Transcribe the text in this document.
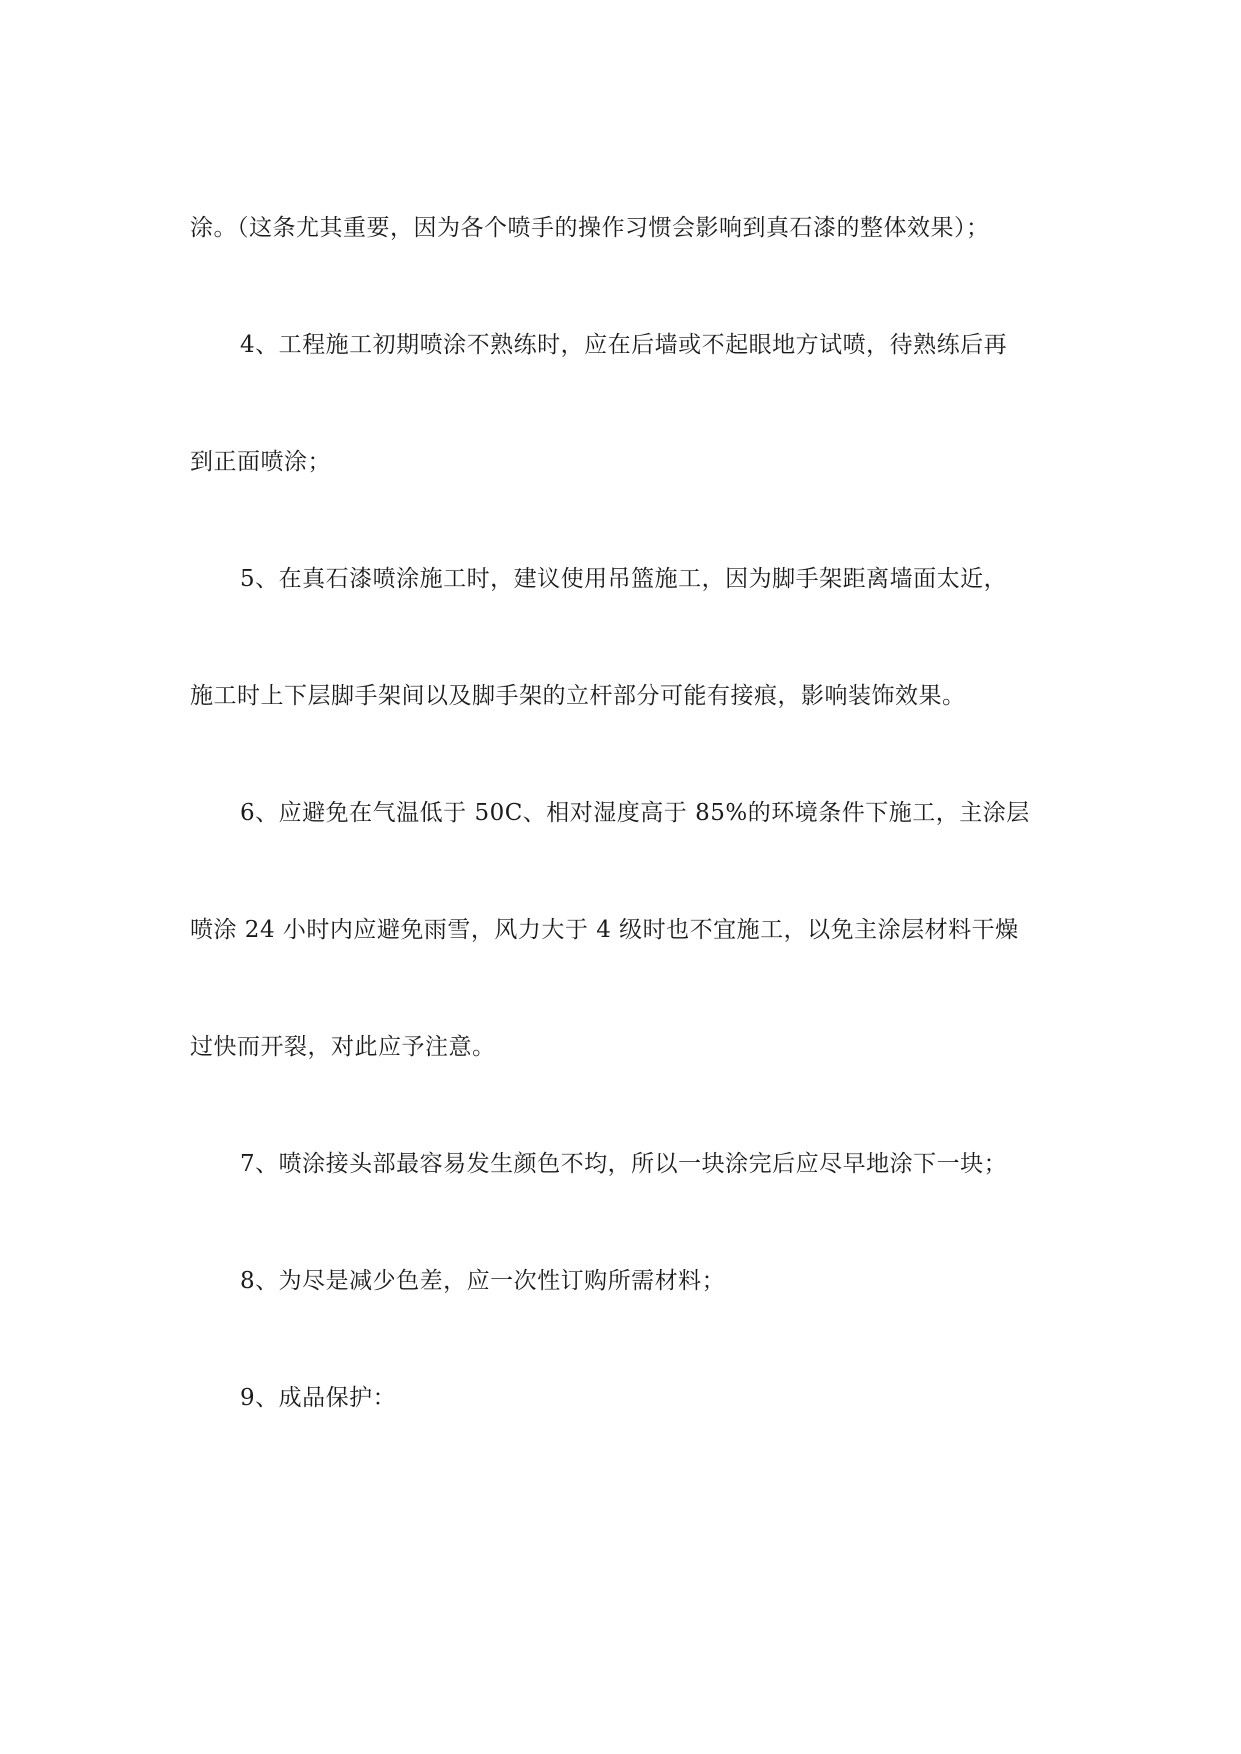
涂。（这条尤其重要，因为各个喷手的操作习惯会影响到真石漆的整体效果）；
4、工程施工初期喷涂不熟练时，应在后墙或不起眼地方试喷，待熟练后再
到正面喷涂；
5、在真石漆喷涂施工时，建议使用吊篮施工，因为脚手架距离墙面太近，
施工时上下层脚手架间以及脚手架的立杆部分可能有接痕，影响装饰效果。
6、应避免在气温低于 50C、相对湿度高于 85%的环境条件下施工，主涂层
喷涂 24 小时内应避免雨雪，风力大于 4 级时也不宜施工，以免主涂层材料干燥
过快而开裂，对此应予注意。
7、喷涂接头部最容易发生颜色不均，所以一块涂完后应尽早地涂下一块；
8、为尽是减少色差，应一次性订购所需材料；
9、成品保护：
